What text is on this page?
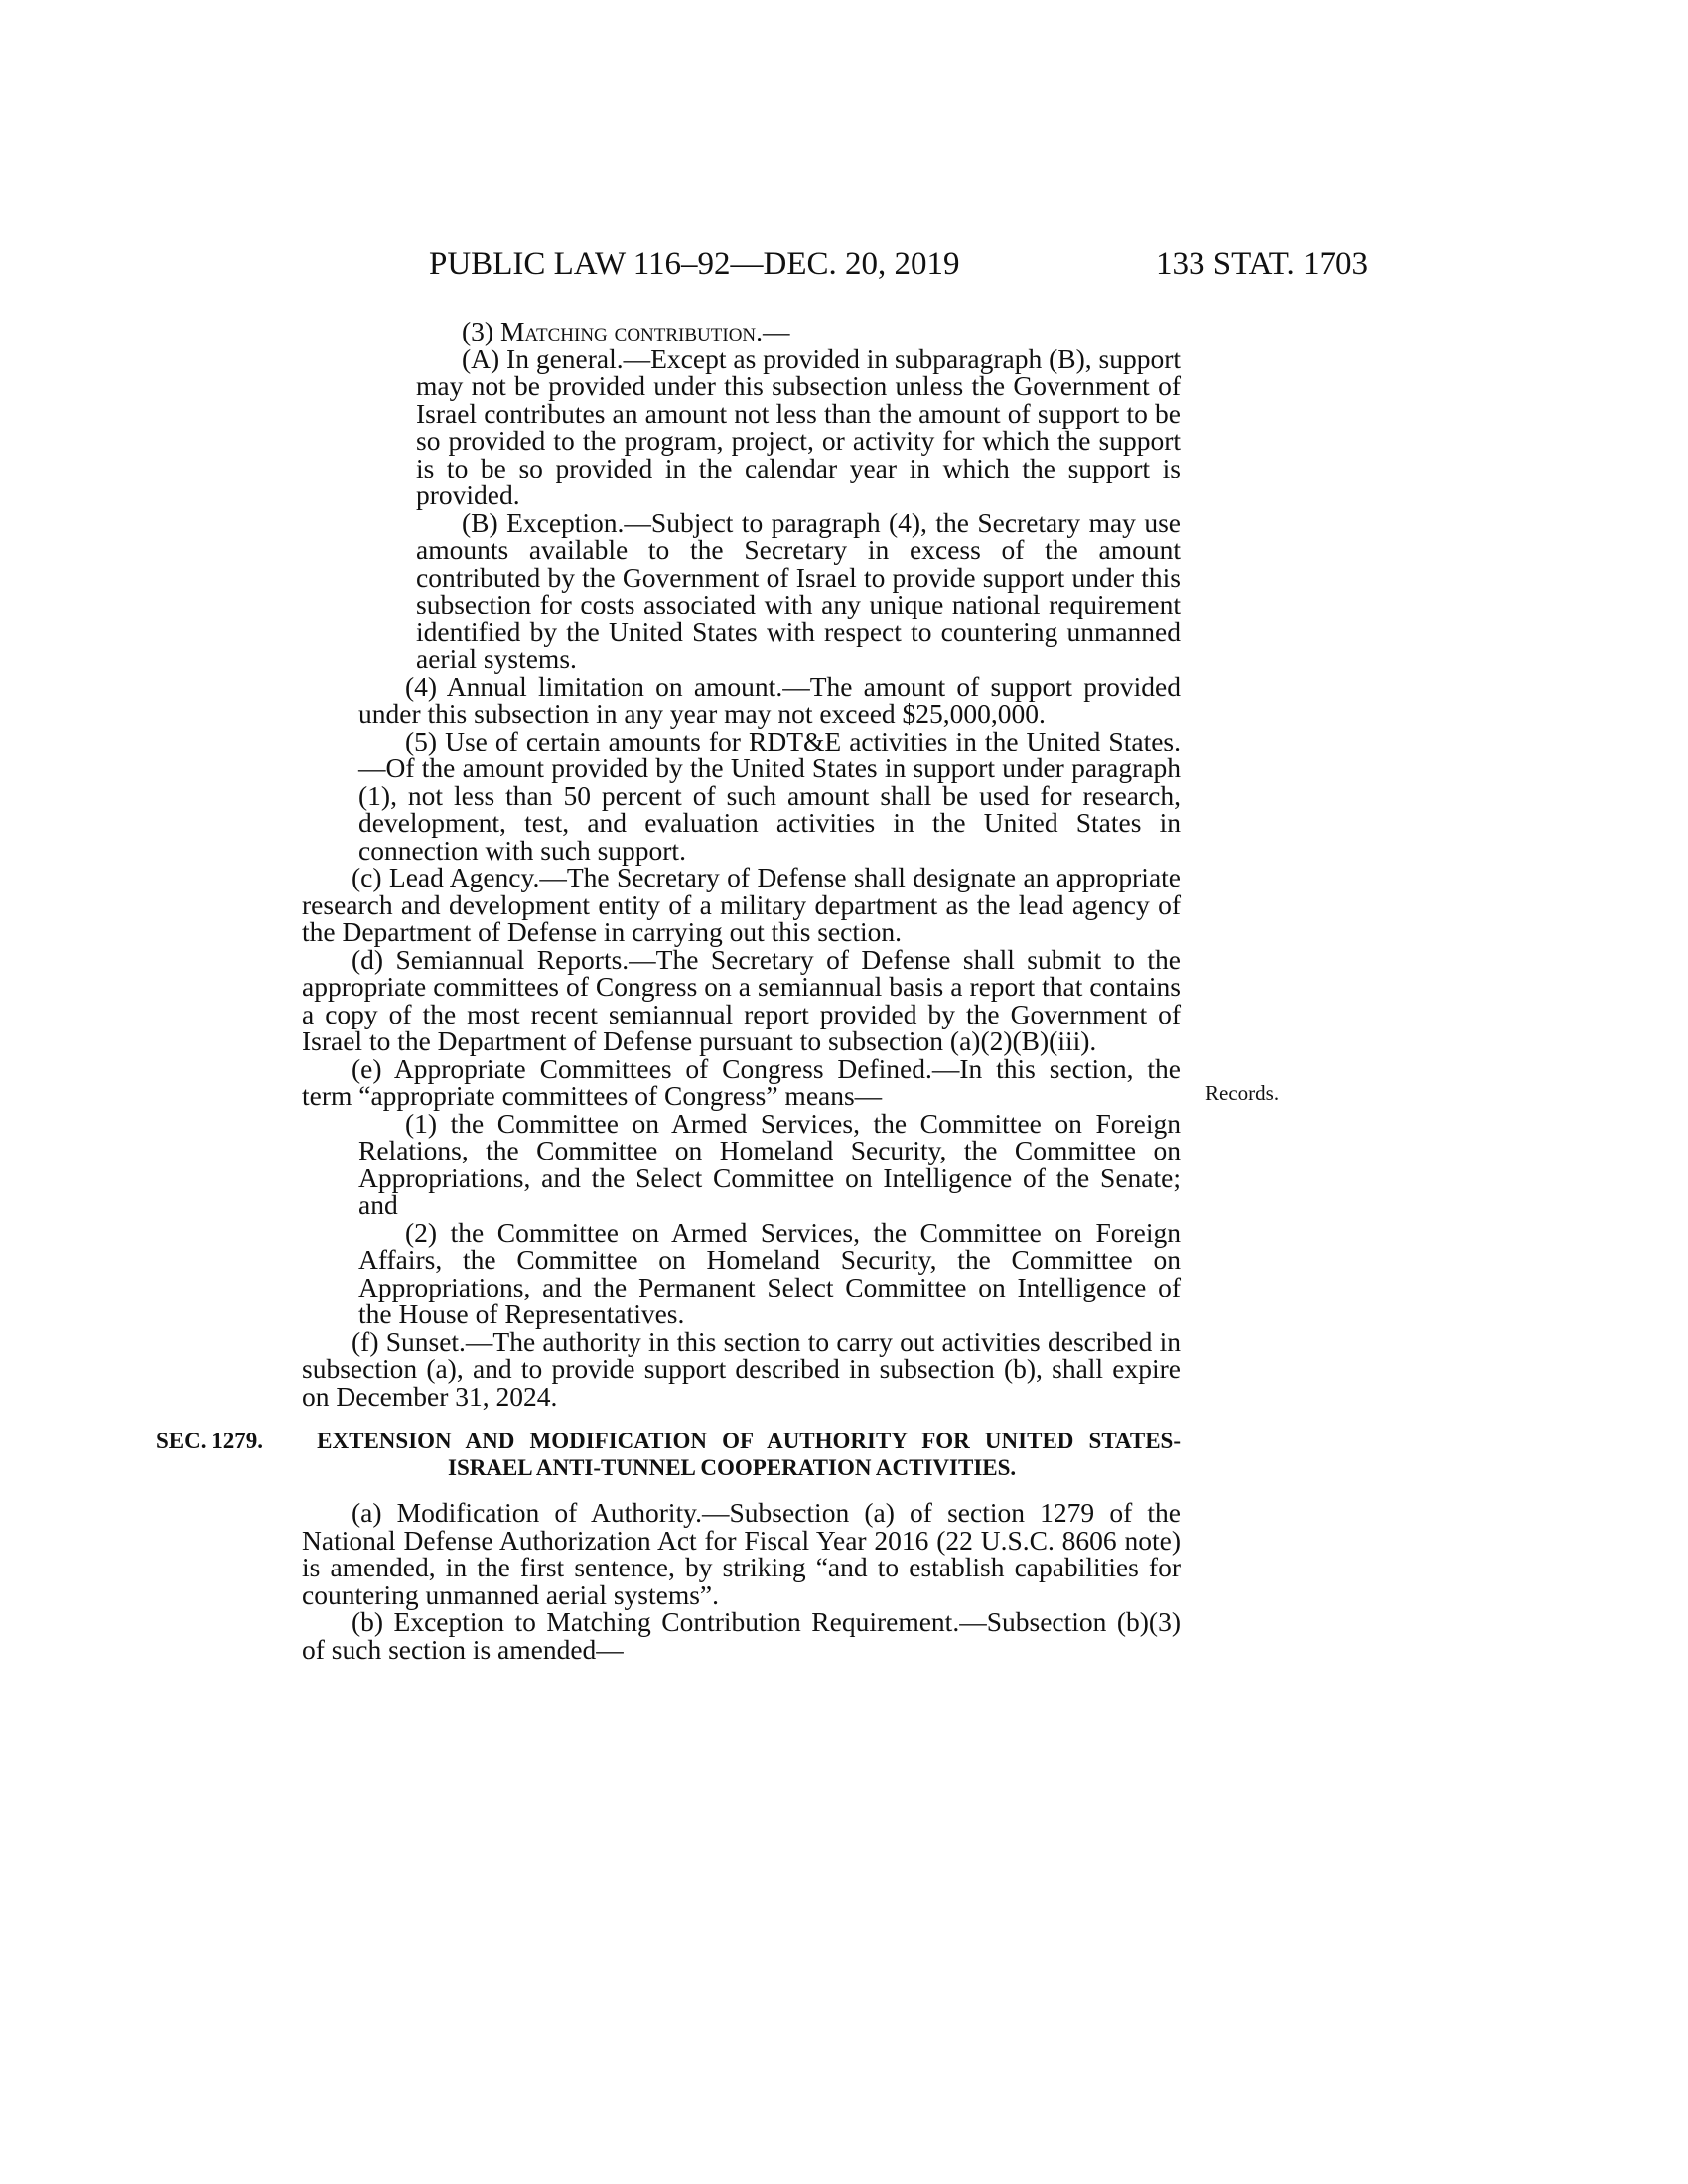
PUBLIC LAW 116–92—DEC. 20, 2019	133 STAT. 1703
Records.

(3) Matching contribution.—

(A) In general.—Except as provided in subparagraph (B), support may not be provided under this subsection unless the Government of Israel contributes an amount not less than the amount of support to be so provided to the program, project, or activity for which the support is to be so provided in the calendar year in which the support is provided.

(B) Exception.—Subject to paragraph (4), the Secretary may use amounts available to the Secretary in excess of the amount contributed by the Government of Israel to provide support under this subsection for costs associated with any unique national requirement identified by the United States with respect to countering unmanned aerial systems.

(4) Annual limitation on amount.—The amount of support provided under this subsection in any year may not exceed $25,000,000.

(5) Use of certain amounts for RDT&E activities in the United States.—Of the amount provided by the United States in support under paragraph (1), not less than 50 percent of such amount shall be used for research, development, test, and evaluation activities in the United States in connection with such support.

(c) Lead Agency.—The Secretary of Defense shall designate an appropriate research and development entity of a military department as the lead agency of the Department of Defense in carrying out this section.

(d) Semiannual Reports.—The Secretary of Defense shall submit to the appropriate committees of Congress on a semiannual basis a report that contains a copy of the most recent semiannual report provided by the Government of Israel to the Department of Defense pursuant to subsection (a)(2)(B)(iii).

(e) Appropriate Committees of Congress Defined.—In this section, the term “appropriate committees of Congress” means—

(1) the Committee on Armed Services, the Committee on Foreign Relations, the Committee on Homeland Security, the Committee on Appropriations, and the Select Committee on Intelligence of the Senate; and

(2) the Committee on Armed Services, the Committee on Foreign Affairs, the Committee on Homeland Security, the Committee on Appropriations, and the Permanent Select Committee on Intelligence of the House of Representatives.

(f) Sunset.—The authority in this section to carry out activities described in subsection (a), and to provide support described in subsection (b), shall expire on December 31, 2024.

SEC. 1279. EXTENSION AND MODIFICATION OF AUTHORITY FOR UNITED STATES-ISRAEL ANTI-TUNNEL COOPERATION ACTIVITIES.

(a) Modification of Authority.—Subsection (a) of section 1279 of the National Defense Authorization Act for Fiscal Year 2016 (22 U.S.C. 8606 note) is amended, in the first sentence, by striking “and to establish capabilities for countering unmanned aerial systems”.

(b) Exception to Matching Contribution Requirement.—Subsection (b)(3) of such section is amended—
